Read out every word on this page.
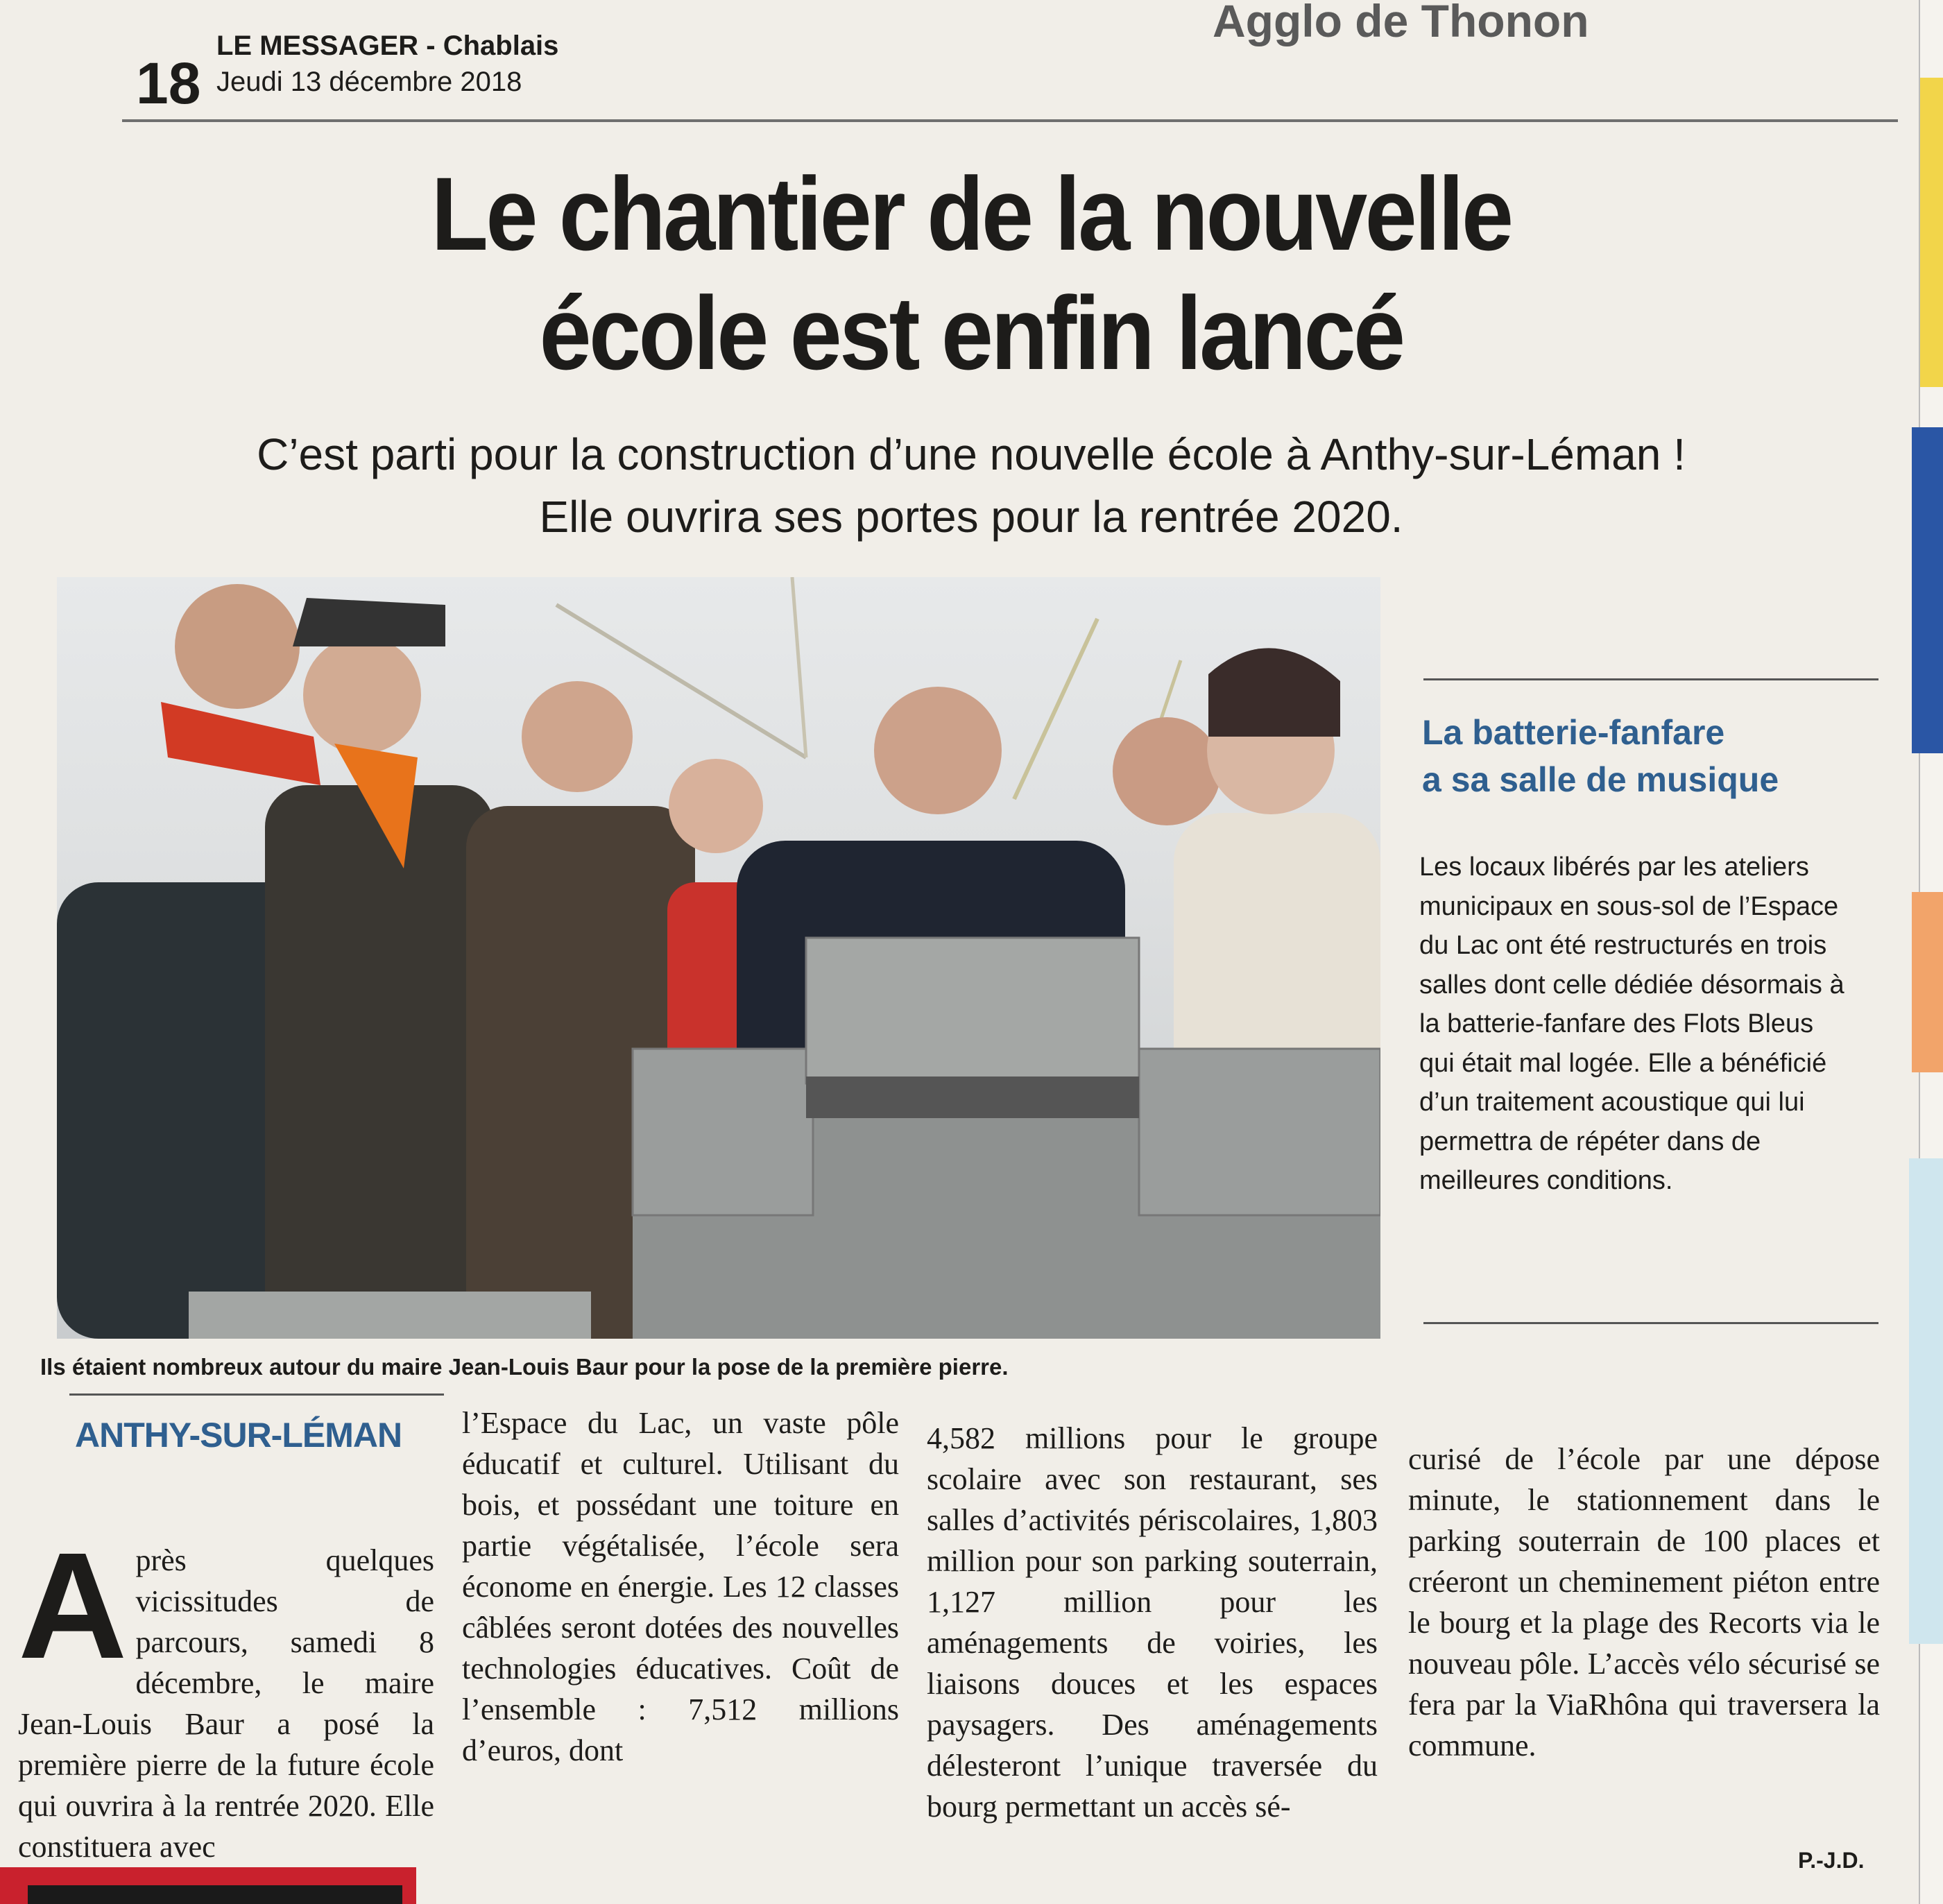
18
LE MESSAGER - Chablais
Jeudi 13 décembre 2018
Agglo de Thonon
Le chantier de la nouvelle
école est enfin lancé

C’est parti pour la construction d’une nouvelle école à Anthy-sur-Léman !
Elle ouvrira ses portes pour la rentrée 2020.

Ils étaient nombreux autour du maire Jean-Louis Baur pour la pose de la première pierre.
La batterie-fanfare
a sa salle de musique

Les locaux libérés par les ateliers municipaux en sous-sol de l’Espace du Lac ont été restructurés en trois salles dont celle dédiée désormais à la batterie-fanfare des Flots Bleus qui était mal logée. Elle a bénéficié d’un traitement acoustique qui lui permettra de répéter dans de meilleures conditions.

ANTHY-SUR-LÉMAN

Après quelques vicissitudes de parcours, samedi 8 décembre, le maire Jean-Louis Baur a posé la première pierre de la future école qui ouvrira à la rentrée 2020. Elle constituera avec

l’Espace du Lac, un vaste pôle éducatif et culturel. Utilisant du bois, et possédant une toiture en partie végétalisée, l’école sera économe en énergie. Les 12 classes câblées seront dotées des nouvelles technologies éducatives. Coût de l’ensemble : 7,512 millions d’euros, dont

4,582 millions pour le groupe scolaire avec son restaurant, ses salles d’activités périscolaires, 1,803 million pour son parking souterrain, 1,127 million pour les aménagements de voiries, les liaisons douces et les espaces paysagers. Des aménagements délesteront l’unique traversée du bourg permettant un accès sé-

curisé de l’école par une dépose minute, le stationnement dans le parking souterrain de 100 places et créeront un cheminement piéton entre le bourg et la plage des Recorts via le nouveau pôle. L’accès vélo sécurisé se fera par la ViaRhôna qui traversera la commune.

P.-J.D.
